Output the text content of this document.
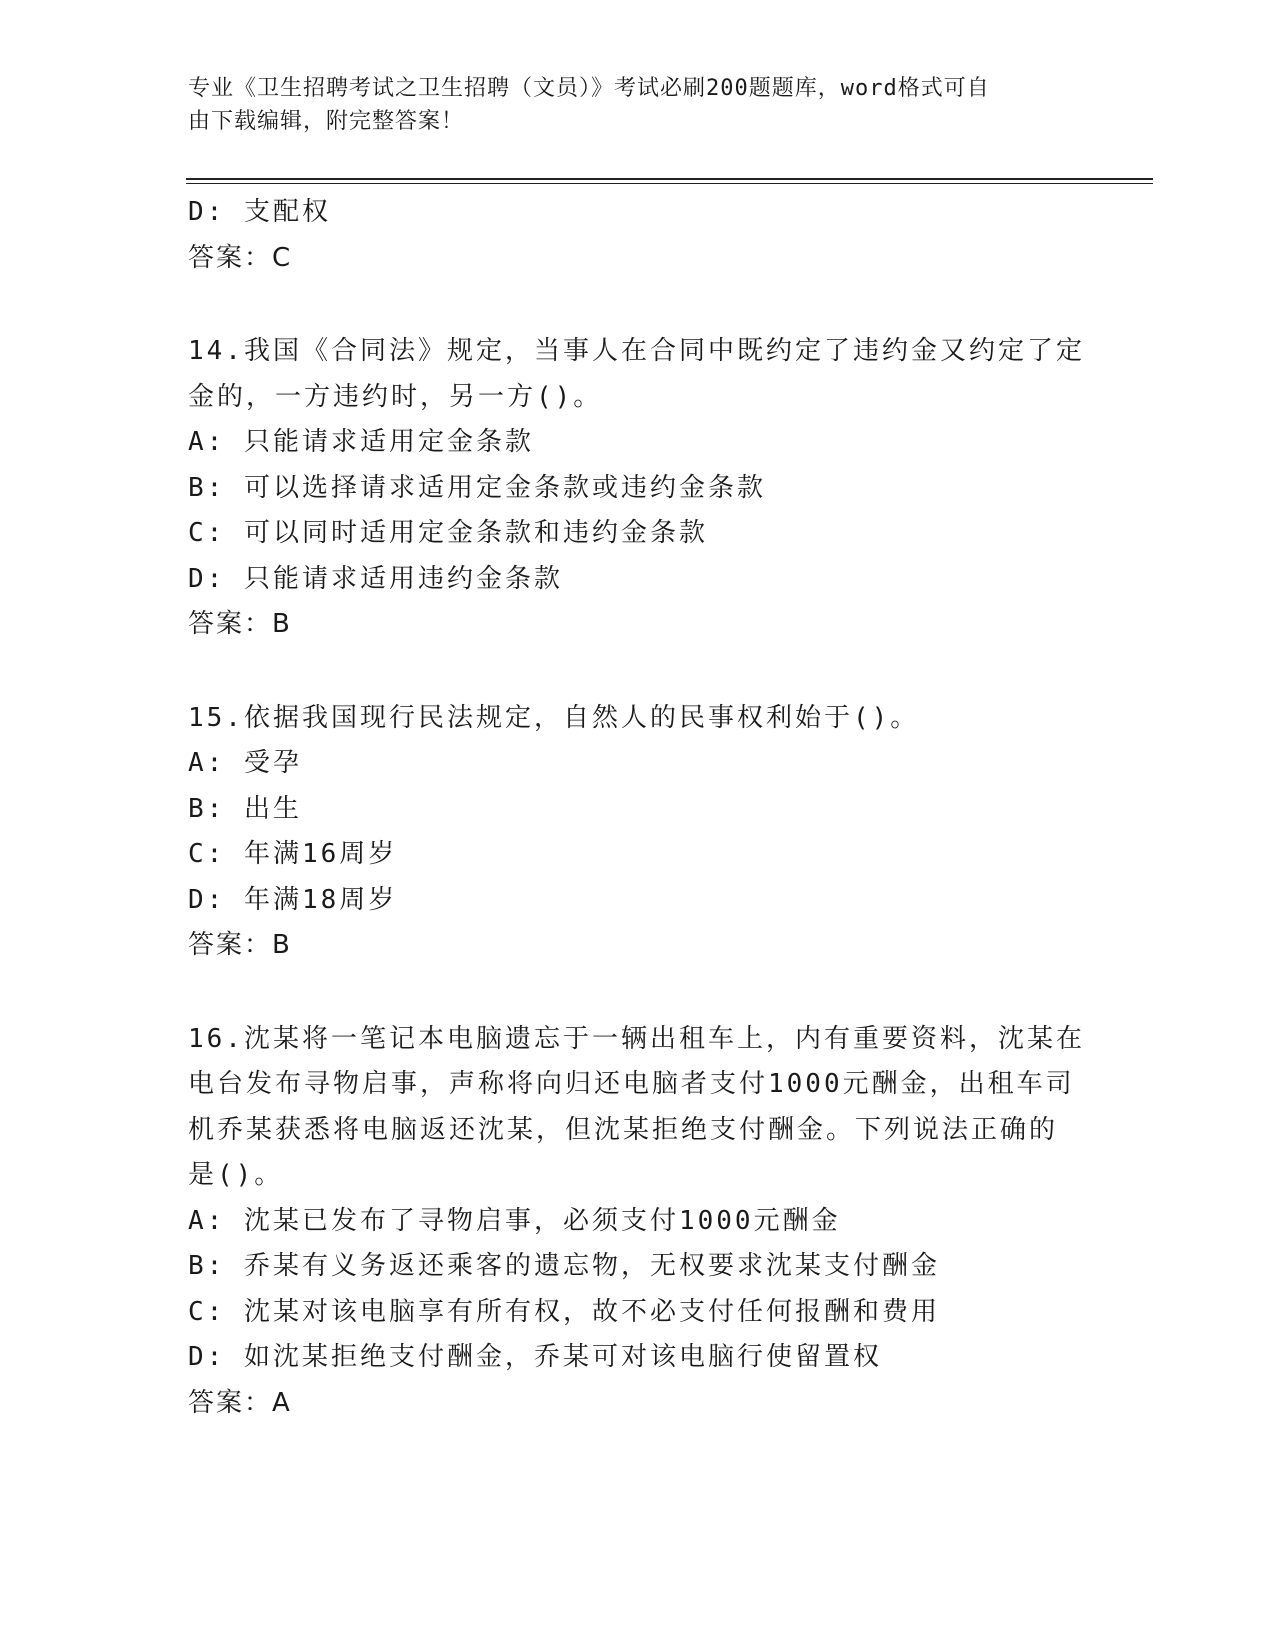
专业《卫生招聘考试之卫生招聘（文员）》考试必刷200题题库，word格式可自
由下载编辑，附完整答案！
D: 支配权
答案：C
14.我国《合同法》规定，当事人在合同中既约定了违约金又约定了定
金的，一方违约时，另一方()。
A: 只能请求适用定金条款
B: 可以选择请求适用定金条款或违约金条款
C: 可以同时适用定金条款和违约金条款
D: 只能请求适用违约金条款
答案：B
15.依据我国现行民法规定，自然人的民事权利始于()。
A: 受孕
B: 出生
C: 年满16周岁
D: 年满18周岁
答案：B
16.沈某将一笔记本电脑遗忘于一辆出租车上，内有重要资料，沈某在
电台发布寻物启事，声称将向归还电脑者支付1000元酬金，出租车司
机乔某获悉将电脑返还沈某，但沈某拒绝支付酬金。下列说法正确的
是()。
A: 沈某已发布了寻物启事，必须支付1000元酬金
B: 乔某有义务返还乘客的遗忘物，无权要求沈某支付酬金
C: 沈某对该电脑享有所有权，故不必支付任何报酬和费用
D: 如沈某拒绝支付酬金，乔某可对该电脑行使留置权
答案：A
